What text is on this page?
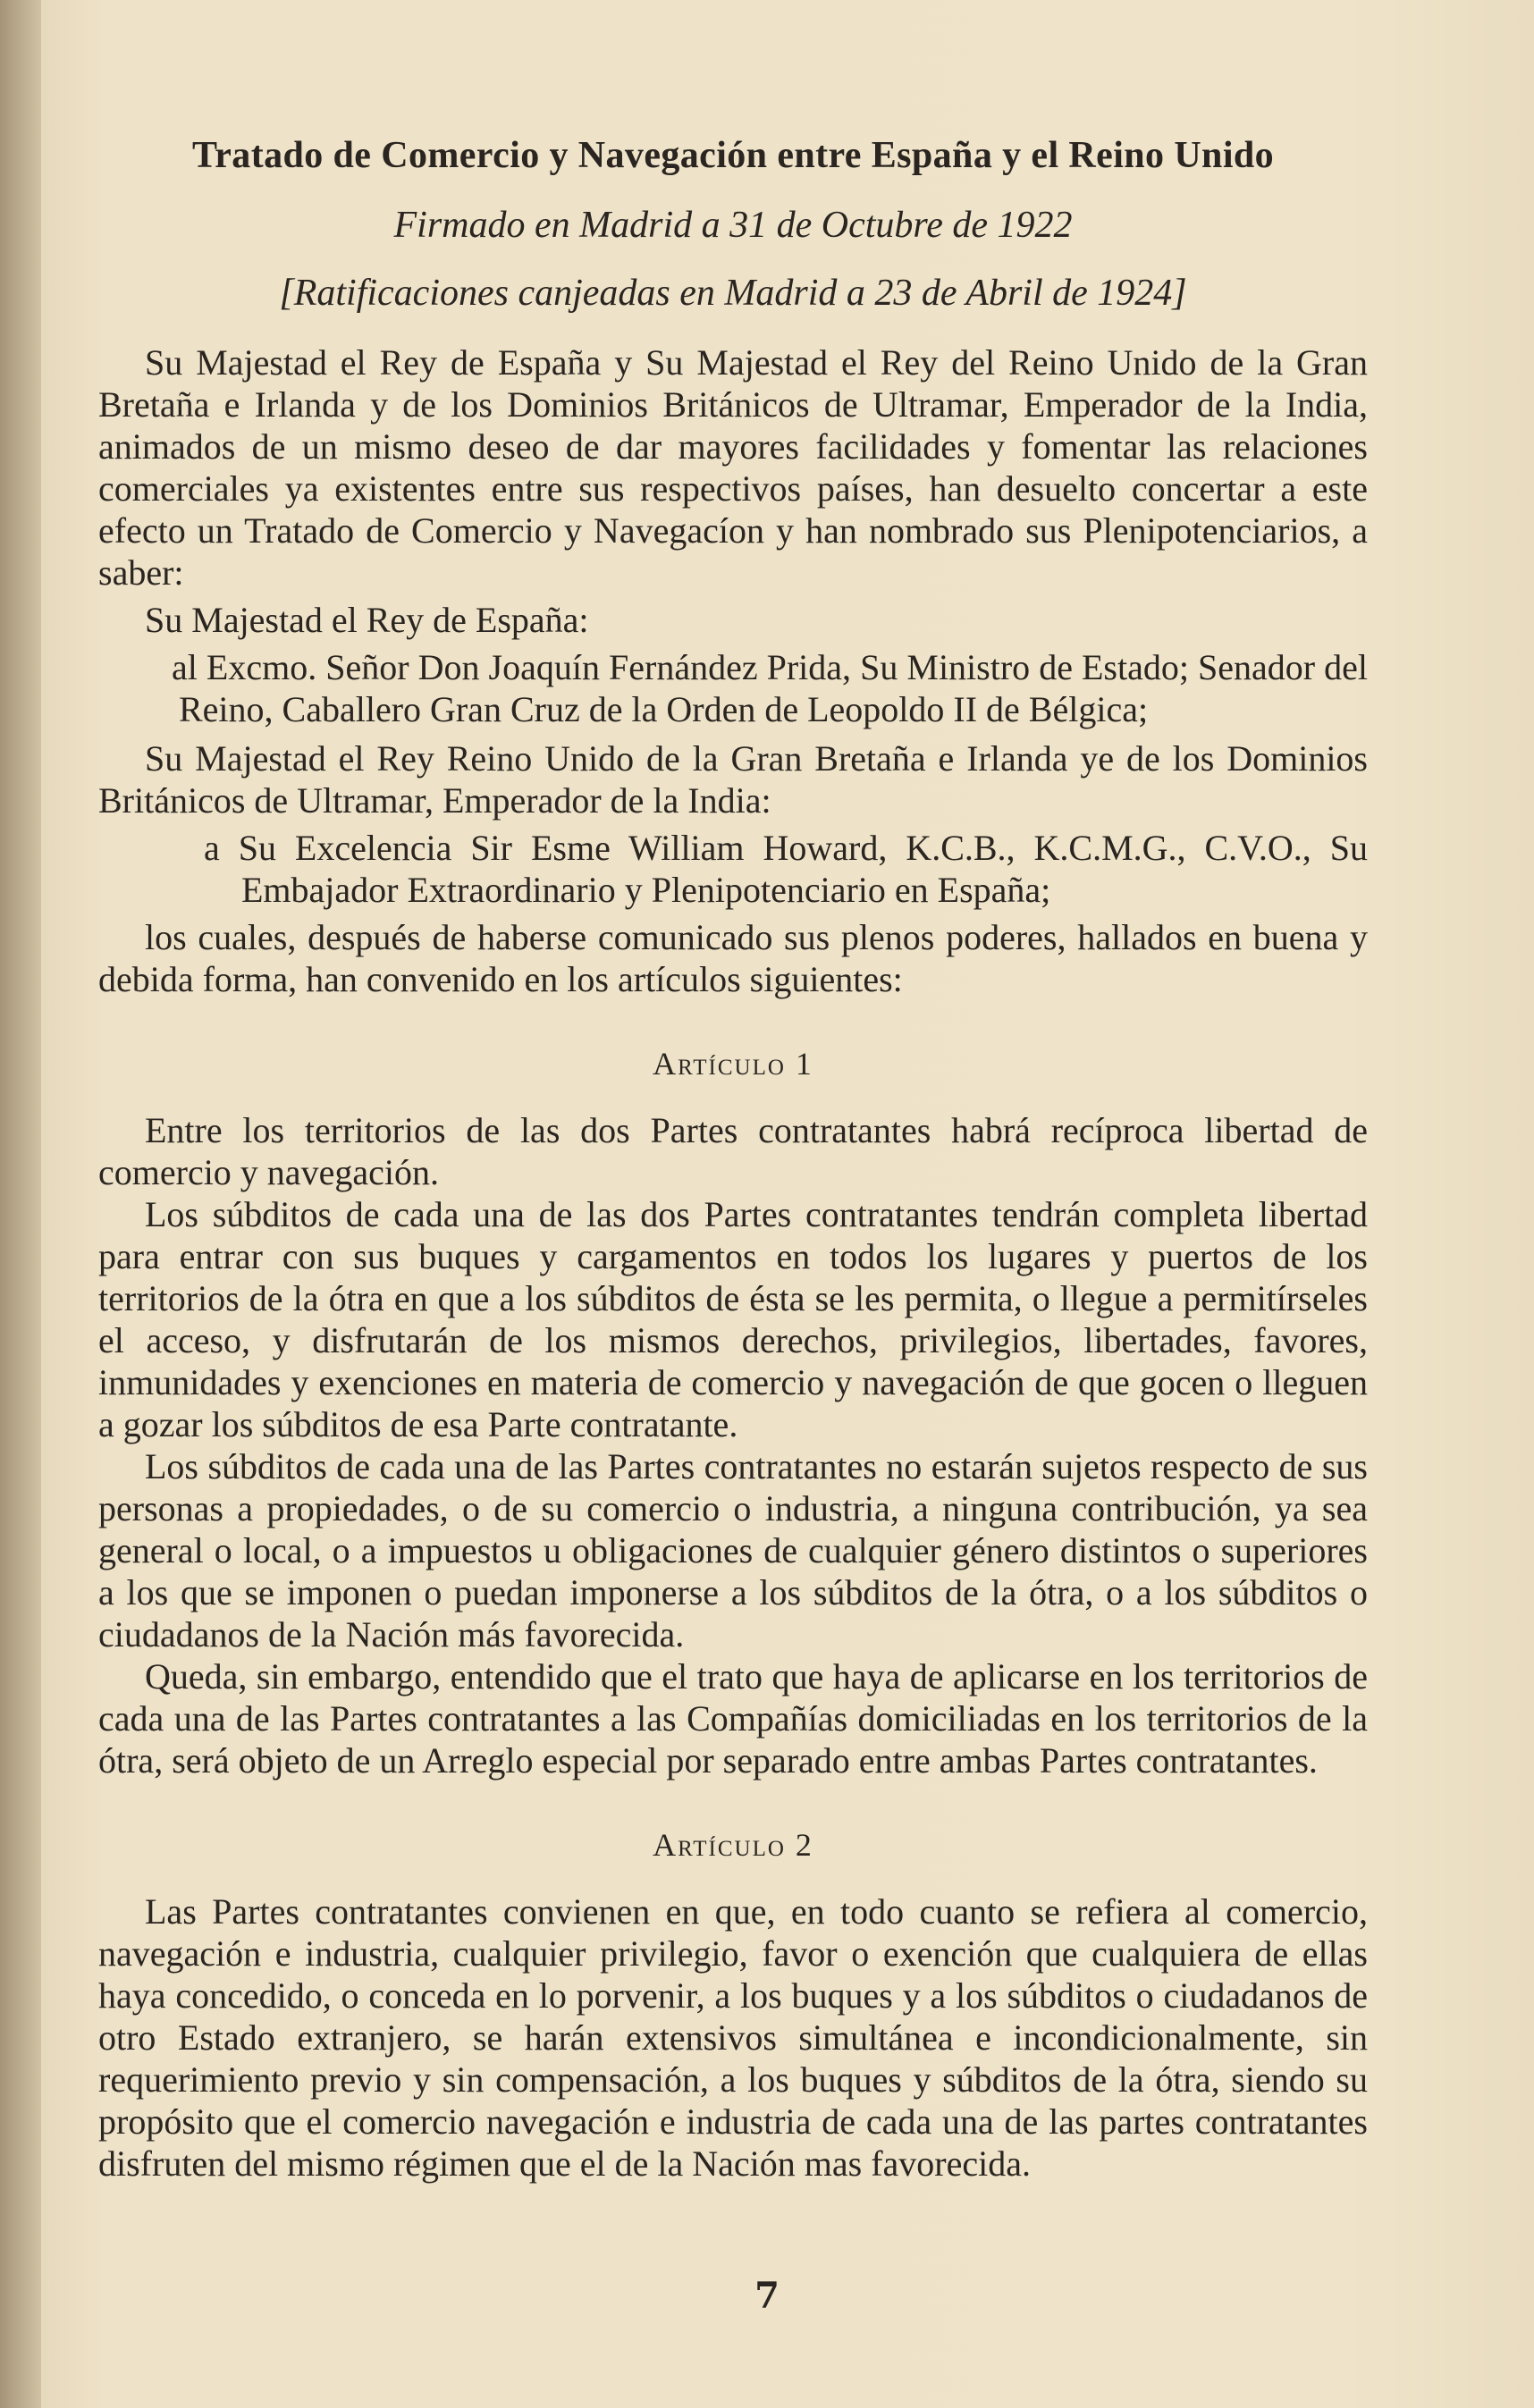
Tratado de Comercio y Navegación entre España y el Reino Unido
Firmado en Madrid a 31 de Octubre de 1922
[Ratificaciones canjeadas en Madrid a 23 de Abril de 1924]

Su Majestad el Rey de España y Su Majestad el Rey del Reino Unido de la Gran Bretaña e Irlanda y de los Dominios Británicos de Ultramar, Emperador de la India, animados de un mismo deseo de dar mayores facilidades y fomentar las relaciones comerciales ya existentes entre sus respectivos países, han desuelto concertar a este efecto un Tratado de Comercio y Navegacíon y han nombrado sus Plenipotenciarios, a saber:

Su Majestad el Rey de España:

al Excmo. Señor Don Joaquín Fernández Prida, Su Ministro de Estado; Senador del Reino, Caballero Gran Cruz de la Orden de Leopoldo II de Bélgica;

Su Majestad el Rey Reino Unido de la Gran Bretaña e Irlanda ye de los Dominios Británicos de Ultramar, Emperador de la India:

a Su Excelencia Sir Esme William Howard, K.C.B., K.C.M.G., C.V.O., Su Embajador Extraordinario y Plenipotenciario en España;

los cuales, después de haberse comunicado sus plenos poderes, hallados en buena y debida forma, han convenido en los artículos siguientes:

Artículo 1

Entre los territorios de las dos Partes contratantes habrá recíproca libertad de comercio y navegación.

Los súbditos de cada una de las dos Partes contratantes tendrán completa libertad para entrar con sus buques y cargamentos en todos los lugares y puertos de los territorios de la ótra en que a los súbditos de ésta se les permita, o llegue a permitírseles el acceso, y disfrutarán de los mismos derechos, privilegios, libertades, favores, inmunidades y exenciones en materia de comercio y navegación de que gocen o lleguen a gozar los súbditos de esa Parte contratante.

Los súbditos de cada una de las Partes contratantes no estarán sujetos respecto de sus personas a propiedades, o de su comercio o industria, a ninguna contribución, ya sea general o local, o a impuestos u obligaciones de cualquier género distintos o superiores a los que se imponen o puedan imponerse a los súbditos de la ótra, o a los súbditos o ciudadanos de la Nación más favorecida.

Queda, sin embargo, entendido que el trato que haya de aplicarse en los territorios de cada una de las Partes contratantes a las Compañías domiciliadas en los territorios de la ótra, será objeto de un Arreglo especial por separado entre ambas Partes contratantes.

Artículo 2

Las Partes contratantes convienen en que, en todo cuanto se refiera al comercio, navegación e industria, cualquier privilegio, favor o exención que cualquiera de ellas haya concedido, o conceda en lo porvenir, a los buques y a los súbditos o ciudadanos de otro Estado extranjero, se harán extensivos simultánea e incondicionalmente, sin requerimiento previo y sin compensación, a los buques y súbditos de la ótra, siendo su propósito que el comercio navegación e industria de cada una de las partes contratantes disfruten del mismo régimen que el de la Nación mas favorecida.

7
